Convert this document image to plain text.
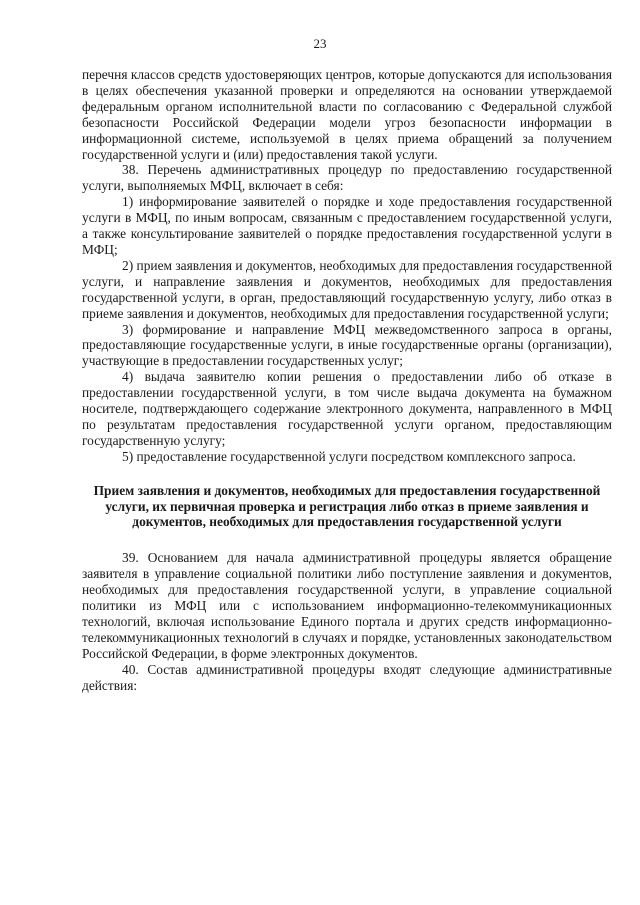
23

перечня классов средств удостоверяющих центров, которые допускаются для использования в целях обеспечения указанной проверки и определяются на основании утверждаемой федеральным органом исполнительной власти по согласованию с Федеральной службой безопасности Российской Федерации модели угроз безопасности информации в информационной системе, используемой в целях приема обращений за получением государственной услуги и (или) предоставления такой услуги.

38. Перечень административных процедур по предоставлению государственной услуги, выполняемых МФЦ, включает в себя:

1) информирование заявителей о порядке и ходе предоставления государственной услуги в МФЦ, по иным вопросам, связанным с предоставлением государственной услуги, а также консультирование заявителей о порядке предоставления государственной услуги в МФЦ;

2) прием заявления и документов, необходимых для предоставления государственной услуги, и направление заявления и документов, необходимых для предоставления государственной услуги, в орган, предоставляющий государственную услугу, либо отказ в приеме заявления и документов, необходимых для предоставления государственной услуги;

3) формирование и направление МФЦ межведомственного запроса в органы, предоставляющие государственные услуги, в иные государственные органы (организации), участвующие в предоставлении государственных услуг;

4) выдача заявителю копии решения о предоставлении либо об отказе в предоставлении государственной услуги, в том числе выдача документа на бумажном носителе, подтверждающего содержание электронного документа, направленного в МФЦ по результатам предоставления государственной услуги органом, предоставляющим государственную услугу;

5) предоставление государственной услуги посредством комплексного запроса.

Прием заявления и документов, необходимых для предоставления государственной услуги, их первичная проверка и регистрация либо отказ в приеме заявления и документов, необходимых для предоставления государственной услуги

39. Основанием для начала административной процедуры является обращение заявителя в управление социальной политики либо поступление заявления и документов, необходимых для предоставления государственной услуги, в управление социальной политики из МФЦ или с использованием информационно-телекоммуникационных технологий, включая использование Единого портала и других средств информационно-телекоммуникационных технологий в случаях и порядке, установленных законодательством Российской Федерации, в форме электронных документов.

40. Состав административной процедуры входят следующие административные действия:
